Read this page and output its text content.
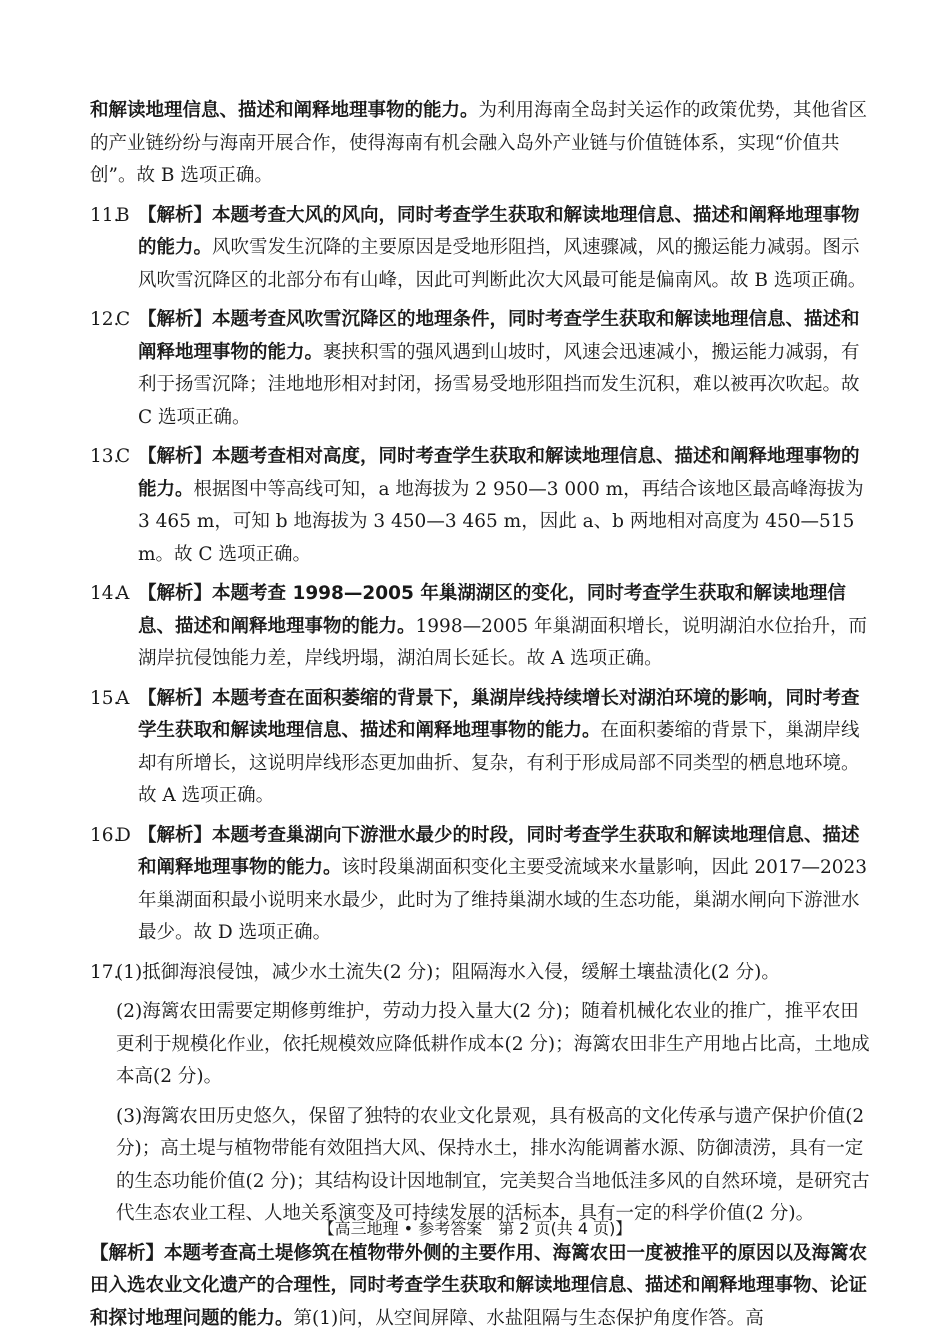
和解读地理信息、描述和阐释地理事物的能力。为利用海南全岛封关运作的政策优势，其他省区的产业链纷纷与海南开展合作，使得海南有机会融入岛外产业链与价值链体系，实现“价值共创”。故 B 选项正确。

11.
B 【解析】本题考查大风的风向，同时考查学生获取和解读地理信息、描述和阐释地理事物的能力。风吹雪发生沉降的主要原因是受地形阻挡，风速骤减，风的搬运能力减弱。图示风吹雪沉降区的北部分布有山峰，因此可判断此次大风最可能是偏南风。故 B 选项正确。
12.
C 【解析】本题考查风吹雪沉降区的地理条件，同时考查学生获取和解读地理信息、描述和阐释地理事物的能力。裹挟积雪的强风遇到山坡时，风速会迅速减小，搬运能力减弱，有利于扬雪沉降；洼地地形相对封闭，扬雪易受地形阻挡而发生沉积，难以被再次吹起。故 C 选项正确。
13.
C 【解析】本题考查相对高度，同时考查学生获取和解读地理信息、描述和阐释地理事物的能力。根据图中等高线可知，a 地海拔为 2 950—3 000 m，再结合该地区最高峰海拔为 3 465 m，可知 b 地海拔为 3 450—3 465 m，因此 a、b 两地相对高度为 450—515 m。故 C 选项正确。
14.
A 【解析】本题考查 1998—2005 年巢湖湖区的变化，同时考查学生获取和解读地理信息、描述和阐释地理事物的能力。1998—2005 年巢湖面积增长，说明湖泊水位抬升，而湖岸抗侵蚀能力差，岸线坍塌，湖泊周长延长。故 A 选项正确。
15.
A 【解析】本题考查在面积萎缩的背景下，巢湖岸线持续增长对湖泊环境的影响，同时考查学生获取和解读地理信息、描述和阐释地理事物的能力。在面积萎缩的背景下，巢湖岸线却有所增长，这说明岸线形态更加曲折、复杂，有利于形成局部不同类型的栖息地环境。故 A 选项正确。
16.
D 【解析】本题考查巢湖向下游泄水最少的时段，同时考查学生获取和解读地理信息、描述和阐释地理事物的能力。该时段巢湖面积变化主要受流域来水量影响，因此 2017—2023 年巢湖面积最小说明来水最少，此时为了维持巢湖水域的生态功能，巢湖水闸向下游泄水最少。故 D 选项正确。
17.
(1)抵御海浪侵蚀，减少水土流失(2 分)；阻隔海水入侵，缓解土壤盐渍化(2 分)。
(2)海篱农田需要定期修剪维护，劳动力投入量大(2 分)；随着机械化农业的推广，推平农田更利于规模化作业，依托规模效应降低耕作成本(2 分)；海篱农田非生产用地占比高，土地成本高(2 分)。
(3)海篱农田历史悠久，保留了独特的农业文化景观，具有极高的文化传承与遗产保护价值(2 分)；高土堤与植物带能有效阻挡大风、保持水土，排水沟能调蓄水源、防御渍涝，具有一定的生态功能价值(2 分)；其结构设计因地制宜，完美契合当地低洼多风的自然环境，是研究古代生态农业工程、人地关系演变及可持续发展的活标本，具有一定的科学价值(2 分)。
【解析】本题考查高土堤修筑在植物带外侧的主要作用、海篱农田一度被推平的原因以及海篱农田入选农业文化遗产的合理性，同时考查学生获取和解读地理信息、描述和阐释地理事物、论证和探讨地理问题的能力。第(1)问，从空间屏障、水盐阻隔与生态保护角度作答。高
【高三地理 • 参考答案　第 2 页(共 4 页)】
